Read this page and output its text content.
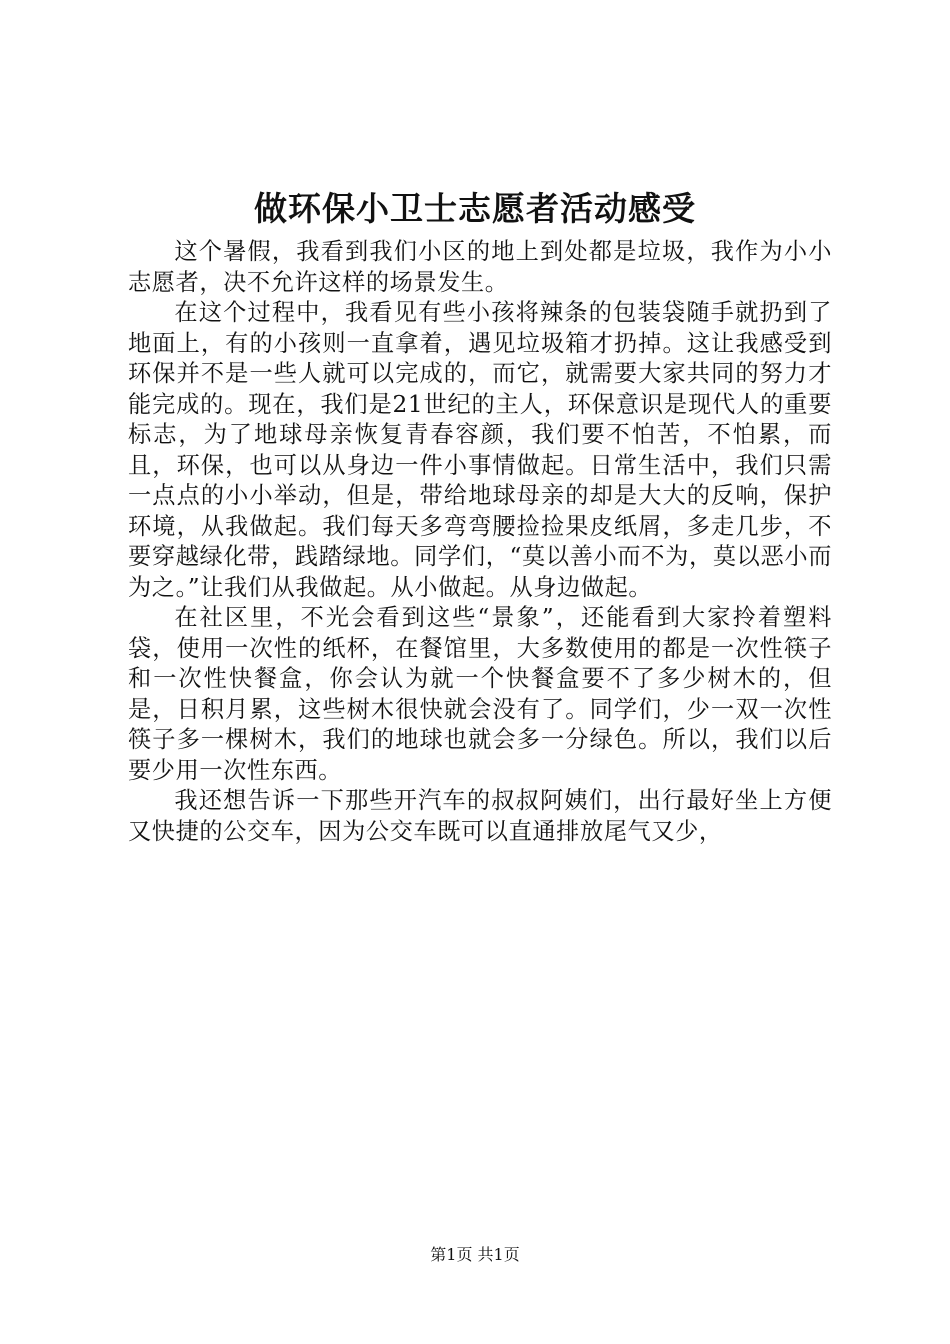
做环保小卫士志愿者活动感受

这个暑假，我看到我们小区的地上到处都是垃圾，我作为小小志愿者，决不允许这样的场景发生。

在这个过程中，我看见有些小孩将辣条的包装袋随手就扔到了地面上，有的小孩则一直拿着，遇见垃圾箱才扔掉。这让我感受到环保并不是一些人就可以完成的，而它，就需要大家共同的努力才能完成的。现在，我们是21世纪的主人，环保意识是现代人的重要标志，为了地球母亲恢复青春容颜，我们要不怕苦，不怕累，而且，环保，也可以从身边一件小事情做起。日常生活中，我们只需一点点的小小举动，但是，带给地球母亲的却是大大的反响，保护环境，从我做起。我们每天多弯弯腰捡捡果皮纸屑，多走几步，不要穿越绿化带，践踏绿地。同学们，“莫以善小而不为，莫以恶小而为之。”让我们从我做起。从小做起。从身边做起。

在社区里，不光会看到这些“景象”，还能看到大家拎着塑料袋，使用一次性的纸杯，在餐馆里，大多数使用的都是一次性筷子和一次性快餐盒，你会认为就一个快餐盒要不了多少树木的，但是，日积月累，这些树木很快就会没有了。同学们，少一双一次性筷子多一棵树木，我们的地球也就会多一分绿色。所以，我们以后要少用一次性东西。

我还想告诉一下那些开汽车的叔叔阿姨们，出行最好坐上方便又快捷的公交车，因为公交车既可以直通排放尾气又少，

第1页 共1页
